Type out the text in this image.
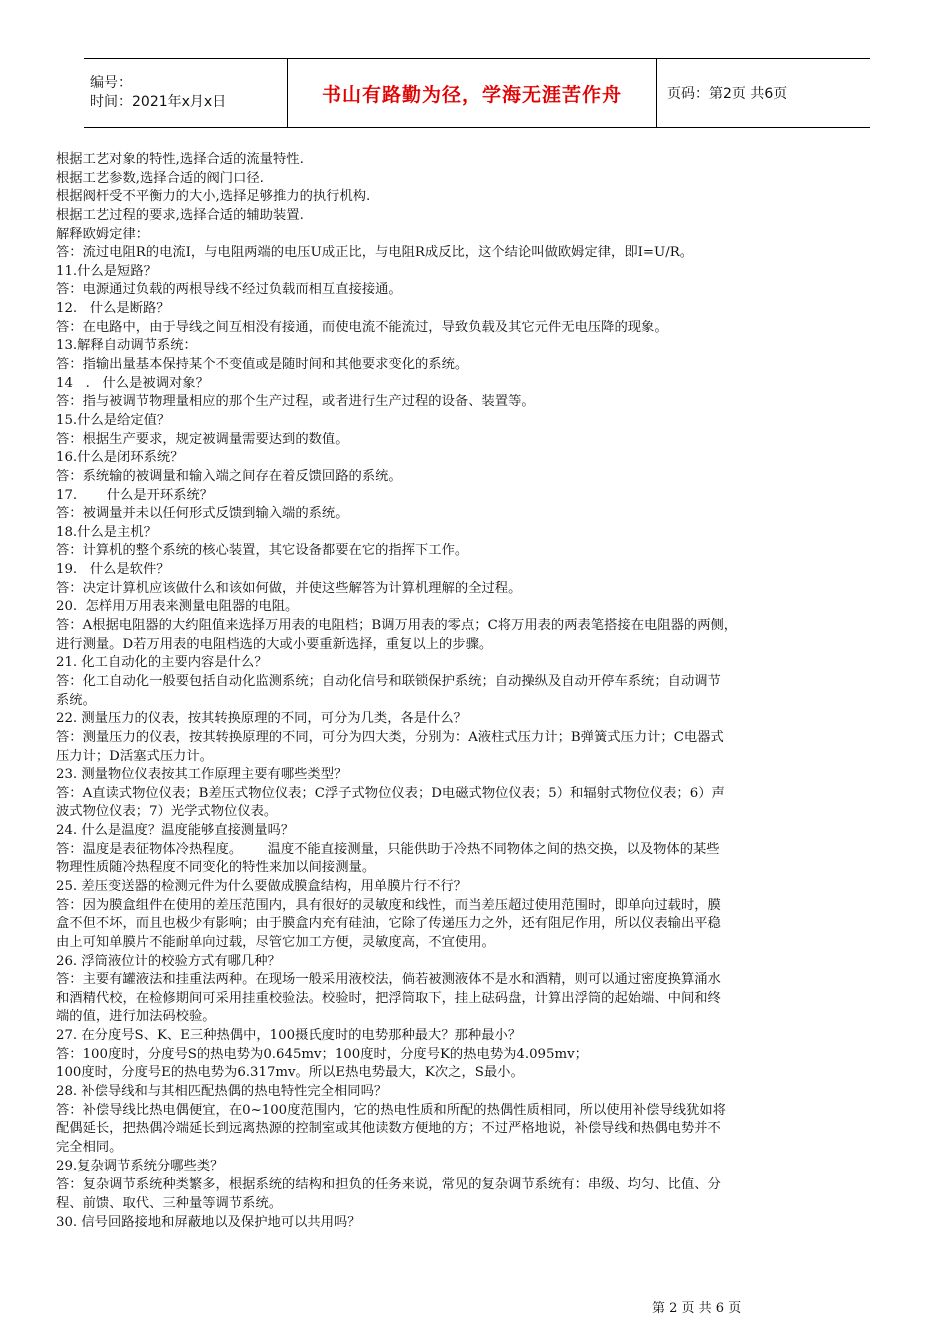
编号：
时间：2021年x月x日	书山有路勤为径，学海无涯苦作舟	页码：第2页 共6页
根据工艺对象的特性,选择合适的流量特性.
根据工艺参数,选择合适的阀门口径.
根据阀杆受不平衡力的大小,选择足够推力的执行机构.
根据工艺过程的要求,选择合适的辅助装置.
解释欧姆定律：
答：流过电阻R的电流I，与电阻两端的电压U成正比，与电阻R成反比，这个结论叫做欧姆定律，即I=U/R。
11.什么是短路？
答：电源通过负载的两根导线不经过负载而相互直接接通。
12.   什么是断路？
答：在电路中，由于导线之间互相没有接通，而使电流不能流过，导致负载及其它元件无电压降的现象。
13.解释自动调节系统：
答：指输出量基本保持某个不变值或是随时间和其他要求变化的系统。
14   .   什么是被调对象？
答：指与被调节物理量相应的那个生产过程，或者进行生产过程的设备、装置等。
15.什么是给定值？
答：根据生产要求，规定被调量需要达到的数值。
16.什么是闭环系统？
答：系统输的被调量和输入端之间存在着反馈回路的系统。
17.       什么是开环系统？
答：被调量并未以任何形式反馈到输入端的系统。
18.什么是主机？
答：计算机的整个系统的核心装置，其它设备都要在它的指挥下工作。
19.   什么是软件？
答：决定计算机应该做什么和该如何做，并使这些解答为计算机理解的全过程。
20.  怎样用万用表来测量电阻器的电阻。
答：A根据电阻器的大约阻值来选择万用表的电阻档；B调万用表的零点；C将万用表的两表笔搭接在电阻器的两侧，
进行测量。D若万用表的电阻档选的大或小要重新选择，重复以上的步骤。
21. 化工自动化的主要内容是什么？
答：化工自动化一般要包括自动化监测系统；自动化信号和联锁保护系统；自动操纵及自动开停车系统；自动调节
系统。
22. 测量压力的仪表，按其转换原理的不同，可分为几类，各是什么？
答：测量压力的仪表，按其转换原理的不同，可分为四大类，分别为：A液柱式压力计；B弹簧式压力计；C电器式
压力计；D活塞式压力计。
23. 测量物位仪表按其工作原理主要有哪些类型？
答：A直读式物位仪表；B差压式物位仪表；C浮子式物位仪表；D电磁式物位仪表；5）和辐射式物位仪表；6）声
波式物位仪表；7）光学式物位仪表。
24. 什么是温度？温度能够直接测量吗？
答：温度是表征物体冷热程度。      温度不能直接测量，只能供助于冷热不同物体之间的热交换，以及物体的某些
物理性质随冷热程度不同变化的特性来加以间接测量。
25. 差压变送器的检测元件为什么要做成膜盒结构，用单膜片行不行？
答：因为膜盒组件在使用的差压范围内，具有很好的灵敏度和线性，而当差压超过使用范围时，即单向过载时，膜
盒不但不坏，而且也极少有影响；由于膜盒内充有硅油，它除了传递压力之外，还有阻尼作用，所以仪表输出平稳
由上可知单膜片不能耐单向过载，尽管它加工方便，灵敏度高，不宜使用。
26. 浮筒液位计的校验方式有哪几种？
答：主要有罐液法和挂重法两种。在现场一般采用液校法，倘若被测液体不是水和酒精，则可以通过密度换算涌水
和酒精代校，在检修期间可采用挂重校验法。校验时，把浮筒取下，挂上砝码盘，计算出浮筒的起始端、中间和终
端的值，进行加法码校验。
27. 在分度号S、K、E三种热偶中，100摄氏度时的电势那种最大？那种最小？
答：100度时，分度号S的热电势为0.645mv；100度时，分度号K的热电势为4.095mv；
100度时，分度号E的热电势为6.317mv。所以E热电势最大，K次之，S最小。
28. 补偿导线和与其相匹配热偶的热电特性完全相同吗？
答：补偿导线比热电偶便宜，在0~100度范围内，它的热电性质和所配的热偶性质相同，所以使用补偿导线犹如将
配偶延长，把热偶冷端延长到远离热源的控制室或其他读数方便地的方；不过严格地说，补偿导线和热偶电势并不
完全相同。
29.复杂调节系统分哪些类？
答：复杂调节系统种类繁多，根据系统的结构和担负的任务来说，常见的复杂调节系统有：串级、均匀、比值、分
程、前馈、取代、三种量等调节系统。
30. 信号回路接地和屏蔽地以及保护地可以共用吗？
第 2 页 共 6 页
